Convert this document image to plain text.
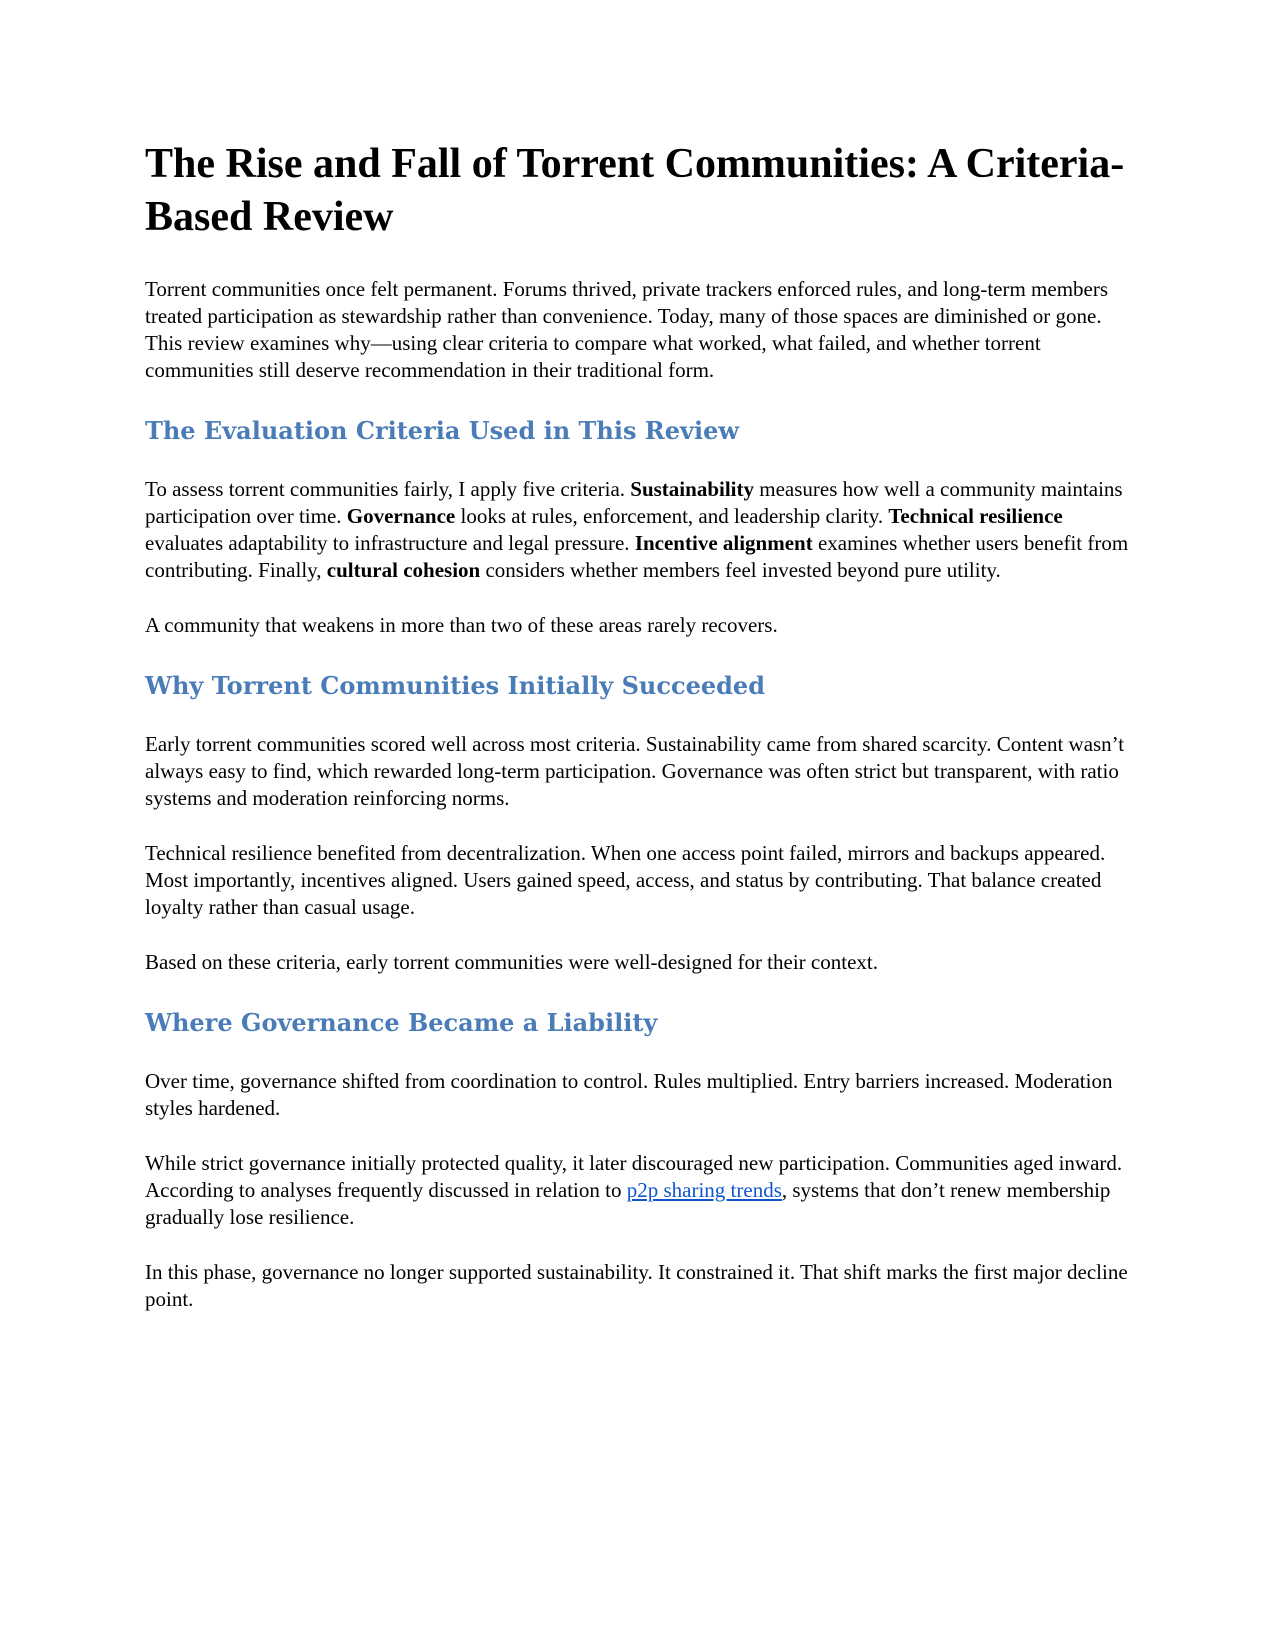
The Rise and Fall of Torrent Communities: A Criteria-Based Review

Torrent communities once felt permanent. Forums thrived, private trackers enforced rules, and long-term members treated participation as stewardship rather than convenience. Today, many of those spaces are diminished or gone. This review examines why—using clear criteria to compare what worked, what failed, and whether torrent communities still deserve recommendation in their traditional form.

The Evaluation Criteria Used in This Review

To assess torrent communities fairly, I apply five criteria. Sustainability measures how well a community maintains participation over time. Governance looks at rules, enforcement, and leadership clarity. Technical resilience evaluates adaptability to infrastructure and legal pressure. Incentive alignment examines whether users benefit from contributing. Finally, cultural cohesion considers whether members feel invested beyond pure utility.

A community that weakens in more than two of these areas rarely recovers.

Why Torrent Communities Initially Succeeded

Early torrent communities scored well across most criteria. Sustainability came from shared scarcity. Content wasn’t always easy to find, which rewarded long-term participation. Governance was often strict but transparent, with ratio systems and moderation reinforcing norms.

Technical resilience benefited from decentralization. When one access point failed, mirrors and backups appeared. Most importantly, incentives aligned. Users gained speed, access, and status by contributing. That balance created loyalty rather than casual usage.

Based on these criteria, early torrent communities were well-designed for their context.

Where Governance Became a Liability

Over time, governance shifted from coordination to control. Rules multiplied. Entry barriers increased. Moderation styles hardened.

While strict governance initially protected quality, it later discouraged new participation. Communities aged inward. According to analyses frequently discussed in relation to p2p sharing trends, systems that don’t renew membership gradually lose resilience.

In this phase, governance no longer supported sustainability. It constrained it. That shift marks the first major decline point.
